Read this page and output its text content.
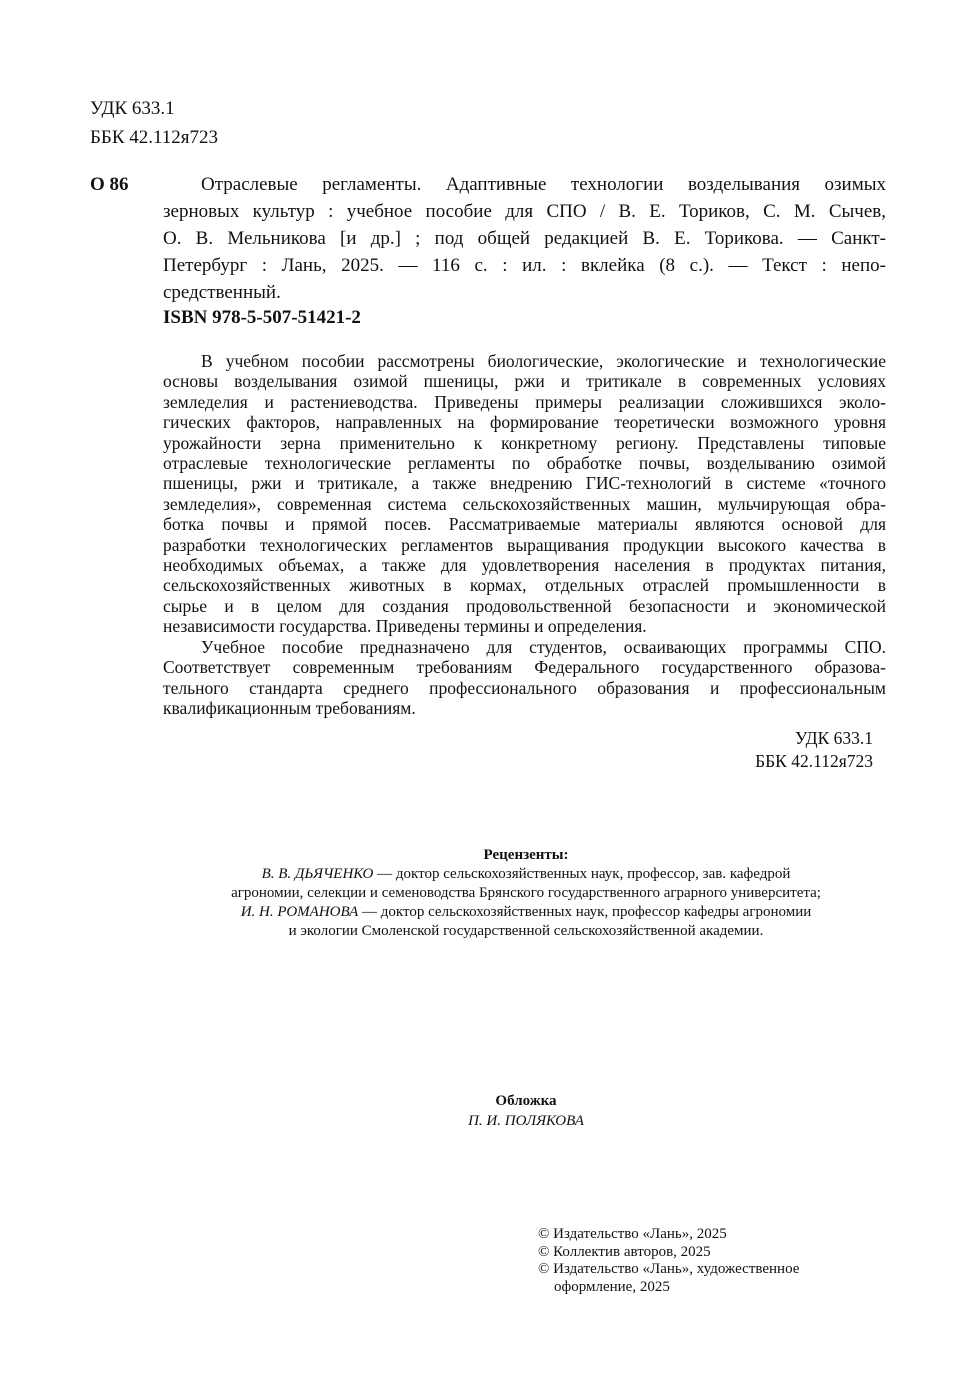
УДК 633.1
ББК 42.112я723
О 86	Отраслевые регламенты. Адаптивные технологии возделывания озимых
зерновых культур : учебное пособие для СПО / В. Е. Ториков, С. М. Сычев,
О. В. Мельникова [и др.] ; под общей редакцией В. Е. Торикова. — Санкт-
Петербург : Лань, 2025. — 116 с. : ил. : вклейка (8 с.). — Текст : непо-
средственный.
ISBN 978-5-507-51421-2
В учебном пособии рассмотрены биологические, экологические и технологические
основы возделывания озимой пшеницы, ржи и тритикале в современных условиях
земледелия и растениеводства. Приведены примеры реализации сложившихся эколо-
гических факторов, направленных на формирование теоретически возможного уровня
урожайности зерна применительно к конкретному региону. Представлены типовые
отраслевые технологические регламенты по обработке почвы, возделыванию озимой
пшеницы, ржи и тритикале, а также внедрению ГИС-технологий в системе «точного
земледелия», современная система сельскохозяйственных машин, мульчирующая обра-
ботка почвы и прямой посев. Рассматриваемые материалы являются основой для
разработки технологических регламентов выращивания продукции высокого качества в
необходимых объемах, а также для удовлетворения населения в продуктах питания,
сельскохозяйственных животных в кормах, отдельных отраслей промышленности в
сырье и в целом для создания продовольственной безопасности и экономической
независимости государства. Приведены термины и определения.
Учебное пособие предназначено для студентов, осваивающих программы СПО.
Соответствует современным требованиям Федерального государственного образова-
тельного стандарта среднего профессионального образования и профессиональным
квалификационным требованиям.
УДК 633.1
ББК 42.112я723
Рецензенты:
В. В. ДЬЯЧЕНКО — доктор сельскохозяйственных наук, профессор, зав. кафедрой
агрономии, селекции и семеноводства Брянского государственного аграрного университета;
И. Н. РОМАНОВА — доктор сельскохозяйственных наук, профессор кафедры агрономии
и экологии Смоленской государственной сельскохозяйственной академии.
Обложка
П. И. ПОЛЯКОВА
© Издательство «Лань», 2025
© Коллектив авторов, 2025
© Издательство «Лань», художественное
оформление, 2025
